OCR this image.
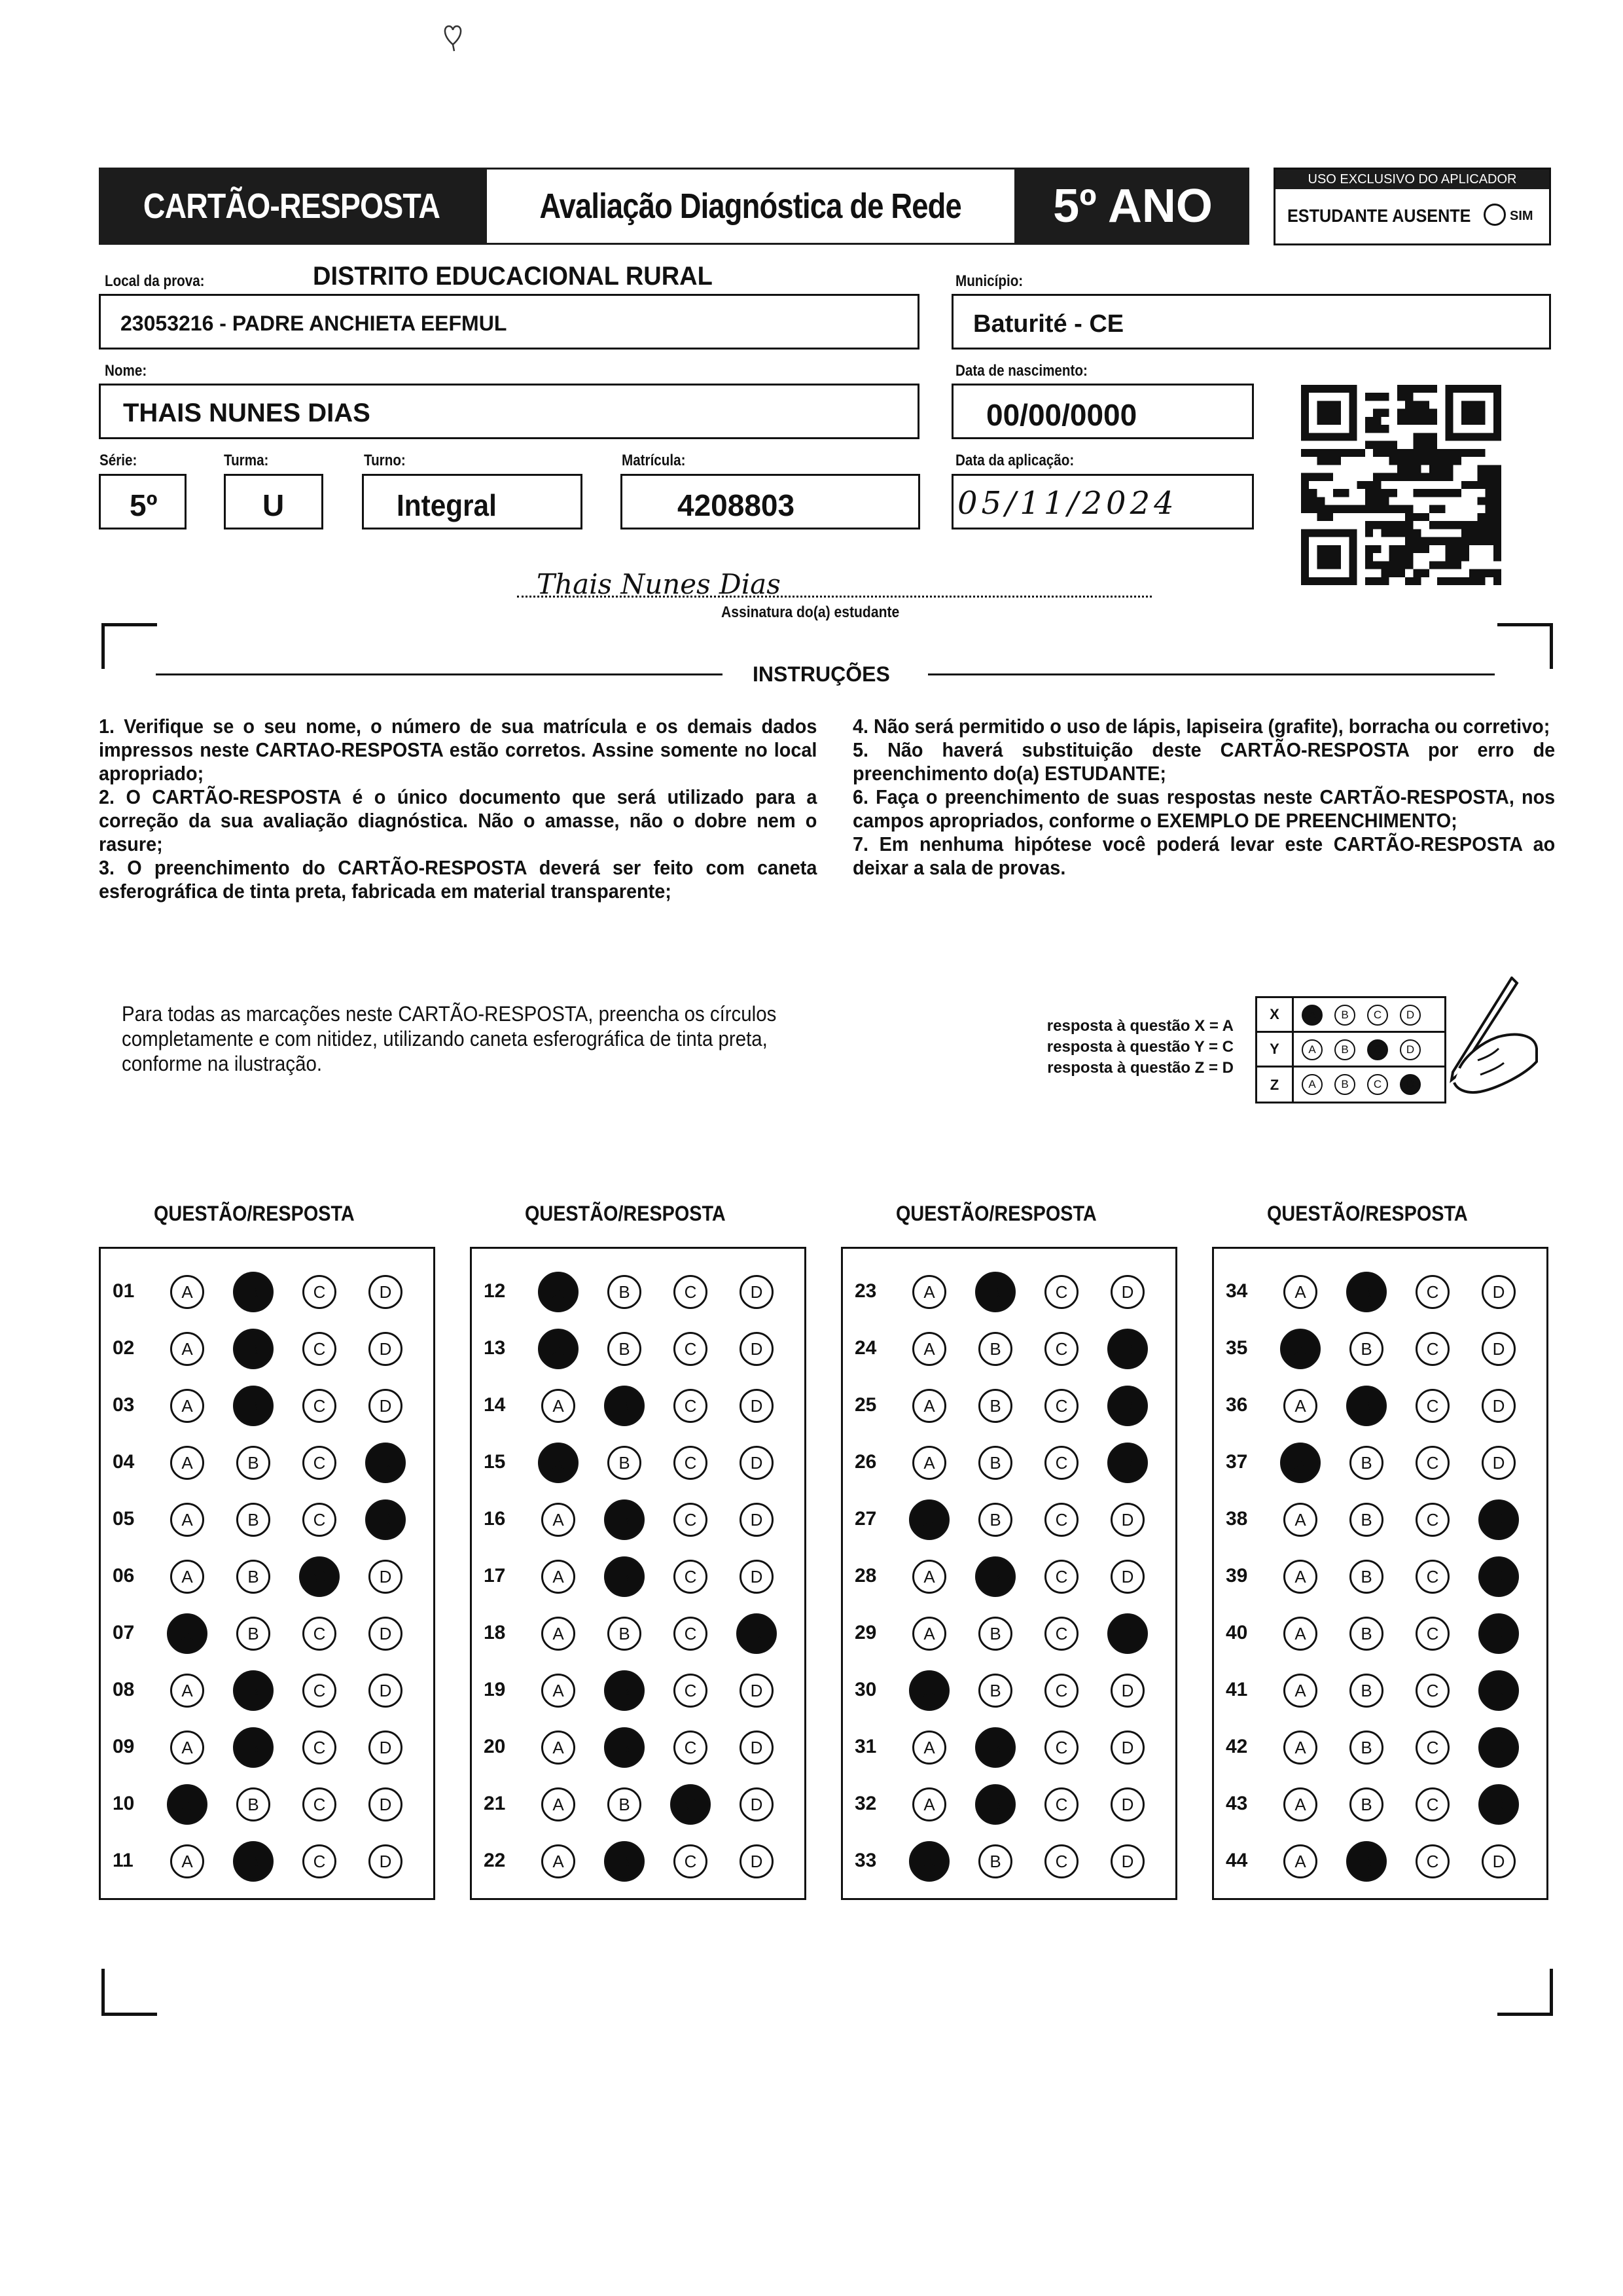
CARTÃO-RESPOSTA	Avaliação Diagnóstica de Rede 5º ANO
USO EXCLUSIVO DO APLICADOR
ESTUDANTE AUSENTE	SIM
Local da prova:	DISTRITO EDUCACIONAL RURAL
23053216 - PADRE ANCHIETA EEFMUL
Município:
Baturité - CE
Nome:
THAIS NUNES DIAS
Data de nascimento:
00/00/0000
Série:
5º
Turma:
U
Turno:
Integral
Matrícula:
4208803
Data da aplicação:
05/11/2024
Thais Nunes Dias
Assinatura do(a) estudante
INSTRUÇÕES

1. Verifique se o seu nome, o número de sua matrícula e os demais dados impressos neste CARTAO-RESPOSTA estão corretos. Assine somente no local apropriado;

2. O CARTÃO-RESPOSTA é o único documento que será utilizado para a correção da sua avaliação diagnóstica. Não o amasse, não o dobre nem o rasure;

3. O preenchimento do CARTÃO-RESPOSTA deverá ser feito com caneta esferográfica de tinta preta, fabricada em material transparente;

4. Não será permitido o uso de lápis, lapiseira (grafite), borracha ou corretivo;

5. Não haverá substituição deste CARTÃO-RESPOSTA por erro de preenchimento do(a) ESTUDANTE;

6. Faça o preenchimento de suas respostas neste CARTÃO-RESPOSTA, nos campos apropriados, conforme o EXEMPLO DE PREENCHIMENTO;

7. Em nenhuma hipótese você poderá levar este CARTÃO-RESPOSTA ao deixar a sala de provas.

Para todas as marcações neste CARTÃO-RESPOSTA, preencha os círculos completamente e com nitidez, utilizando caneta esferográfica de tinta preta, conforme na ilustração.
resposta à questão X = A
resposta à questão Y = C
resposta à questão Z = D
X	A	B	C	D
Y	A	B	C	D
Z	A	B	C	D
QUESTÃO/RESPOSTA
01	A	B	C	D
02	A	B	C	D
03	A	B	C	D
04	A	B	C	D
05	A	B	C	D
06	A	B	C	D
07	A	B	C	D
08	A	B	C	D
09	A	B	C	D
10	A	B	C	D
11	A	B	C	D
QUESTÃO/RESPOSTA
12	A	B	C	D
13	A	B	C	D
14	A	B	C	D
15	A	B	C	D
16	A	B	C	D
17	A	B	C	D
18	A	B	C	D
19	A	B	C	D
20	A	B	C	D
21	A	B	C	D
22	A	B	C	D
QUESTÃO/RESPOSTA
23	A	B	C	D
24	A	B	C	D
25	A	B	C	D
26	A	B	C	D
27	A	B	C	D
28	A	B	C	D
29	A	B	C	D
30	A	B	C	D
31	A	B	C	D
32	A	B	C	D
33	A	B	C	D
QUESTÃO/RESPOSTA
34	A	B	C	D
35	A	B	C	D
36	A	B	C	D
37	A	B	C	D
38	A	B	C	D
39	A	B	C	D
40	A	B	C	D
41	A	B	C	D
42	A	B	C	D
43	A	B	C	D
44	A	B	C	D
